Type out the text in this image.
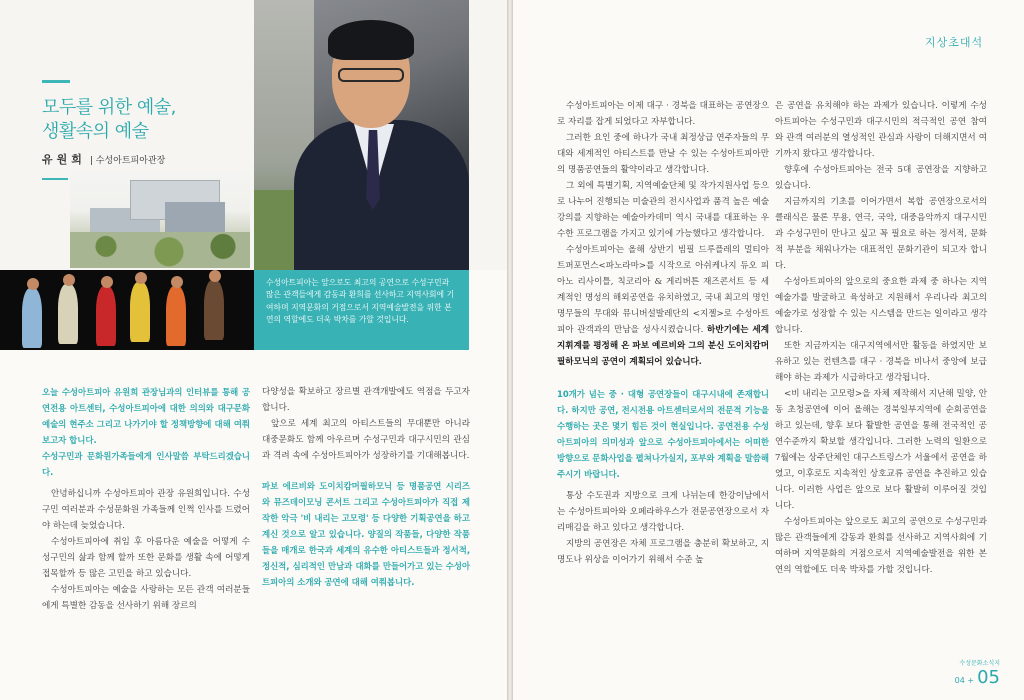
모두를 위한 예술,
생활속의 예술
유원희 | 수성아트피아관장
수성아트피아는 앞으로도 최고의 공연으로 수성구민과 많은 관객들에게 감동과 환희를 선사하고 지역사회에 기여하며 지역문화의 거점으로서 지역예술발전을 위한 본연의 역할에도 더욱 박차를 가할 것입니다.

오늘 수성아트피아 유원희 관장님과의 인터뷰를 통해 공연전용 아트센터, 수성아트피아에 대한 의의와 대구문화예술의 현주소 그리고 나가기야 할 정책방향에 대해 여쭤보고자 합니다.

수성구민과 문화원가족들에게 인사말씀 부탁드리겠습니다.

안녕하십니까 수성아트피아 관장 유원희입니다. 수성구민 여러분과 수성문화원 가족들께 인쩍 인사를 드렸어야 하는데 늦었습니다.

수성아트피아에 취임 후 아름다운 예술을 어떻게 수성구민의 삶과 함께 할까 또한 문화를 생활 속에 어떻게 접목할까 등 많은 고민을 하고 있습니다.

수성아트피아는 예술을 사랑하는 모든 관객 여러분들에게 특별한 감동을 선사하기 위해 장르의

다양성을 확보하고 장르별 관객개발에도 역점을 두고자 합니다.

앞으로 세계 최고의 아티스트들의 무대뿐만 아니라 대중문화도 함께 아우르며 수성구민과 대구시민의 관심과 격려 속에 수성아트피아가 성장하기를 기대해봅니다.

파보 에르비와 도이치캄머필하모닉 등 명품공연 시리즈와 뮤즈데이모닝 콘서트 그리고 수성아트피아가 직접 제작한 악극 '비 내리는 고모령' 등 다양한 기획공연을 하고 계신 것으로 알고 있습니다. 양질의 작품들, 다양한 작품들을 매개로 한국과 세계의 유수한 아티스트들과 정서적, 정신적, 심리적인 만남과 대화를 만들어가고 있는 수성아트피아의 소개와 공연에 대해 여쭤봅니다.

지상초대석

수성아트피아는 이제 대구 · 경북을 대표하는 공연장으로 자리를 잡게 되었다고 자부합니다.

그러한 요인 중에 하나가 국내 최정상급 연주자들의 무대와 세계적인 아티스트를 만날 수 있는 수성아트피아만의 명품공연들의 활약이라고 생각합니다.

그 외에 특별기획, 지역예술단체 및 작가지원사업 등으로 나누어 진행되는 미술관의 전시사업과 품격 높은 예술강의를 지향하는 예술아카데미 역시 국내를 대표하는 우수한 프로그램을 가지고 있기에 가능했다고 생각합니다.

수성아트피아는 올해 상반기 빔필 드루플레의 멀티아트퍼포먼스<파노라마>를 시작으로 아쉬케나지 듀오 피아노 리사이틀, 칙코리아 & 게리버튼 재즈콘서트 등 세계적인 명성의 해외공연을 유치하였고, 국내 최고의 명인명무들의 무대와 뮤니버설발레단의 <지젤>로 수성아트피아 관객과의 만남을 성사시켰습니다. 하반기에는 세계지휘계를 평정해 온 파보 예르비와 그의 분신 도이치캄머필하모닉의 공연이 계획되어 있습니다.

10개가 넘는 중 · 대형 공연장들이 대구시내에 존재합니다. 하지만 공연, 전시전용 아트센터로서의 전문적 기능을 수행하는 곳은 몇기 힘든 것이 현실입니다. 공연전용 수성아트피아의 의미성과 앞으로 수성아트피아에서는 어떠한 방향으로 문화사업을 펼쳐나가실지, 포부와 계획을 말씀해 주시기 바랍니다.

통상 수도권과 지방으로 크게 나뉘는데 한강이남에서는 수성아트피아와 오페라하우스가 전문공연장으로서 자리매김을 하고 있다고 생각합니다.

지방의 공연장은 자체 프로그램을 충분히 확보하고, 지명도나 위상을 이어가기 위해서 수준 높

은 공연을 유치해야 하는 과제가 있습니다. 이렇게 수성아트피아는 수성구민과 대구시민의 적극적인 공연 참여와 관객 여러분의 열성적인 관심과 사랑이 더해지면서 여기까지 왔다고 생각합니다.

향후에 수성아트피아는 전국 5대 공연장을 지향하고 있습니다.

지금까지의 기초를 이어가면서 복합 공연장으로서의 클래식은 물론 무용, 연극, 국악, 대중음악까지 대구시민과 수성구민이 만나고 싶고 꼭 필요로 하는 정서적, 문화적 부분을 채워나가는 대표적인 문화기관이 되고자 합니다.

수성아트피아의 앞으로의 중요한 과제 중 하나는 지역예술가를 발굴하고 육성하고 지원해서 우리나라 최고의 예술가로 성장할 수 있는 시스템을 만드는 일이라고 생각합니다.

또한 지금까지는 대구지역에서만 활동을 하였지만 보유하고 있는 컨텐츠를 대구 · 경북을 비나서 중앙에 보급해야 하는 과제가 시급하다고 생각됩니다.

<비 내리는 고모령>을 자체 제작해서 지난해 밀양, 안동 초청공연에 이어 올해는 경북일부지역에 순회공연을 하고 있는데, 향후 보다 활발한 공연을 통해 전국적인 공연수준까지 확보할 생각입니다. 그러한 노력의 일환으로 7월에는 상주단체인 대구스트링스가 서울에서 공연을 하였고, 이후로도 지속적인 상호교류 공연을 추진하고 있습니다. 이러한 사업은 앞으로 보다 활발히 이루어질 것입니다.

수성아트피아는 앞으로도 최고의 공연으로 수성구민과 많은 관객들에게 감동과 환희를 선사하고 지역사회에 기여하며 지역문화의 거점으로서 지역예술발전을 위한 본연의 역할에도 더욱 박차를 가할 것입니다.

수성문화소식지
04 + 05
